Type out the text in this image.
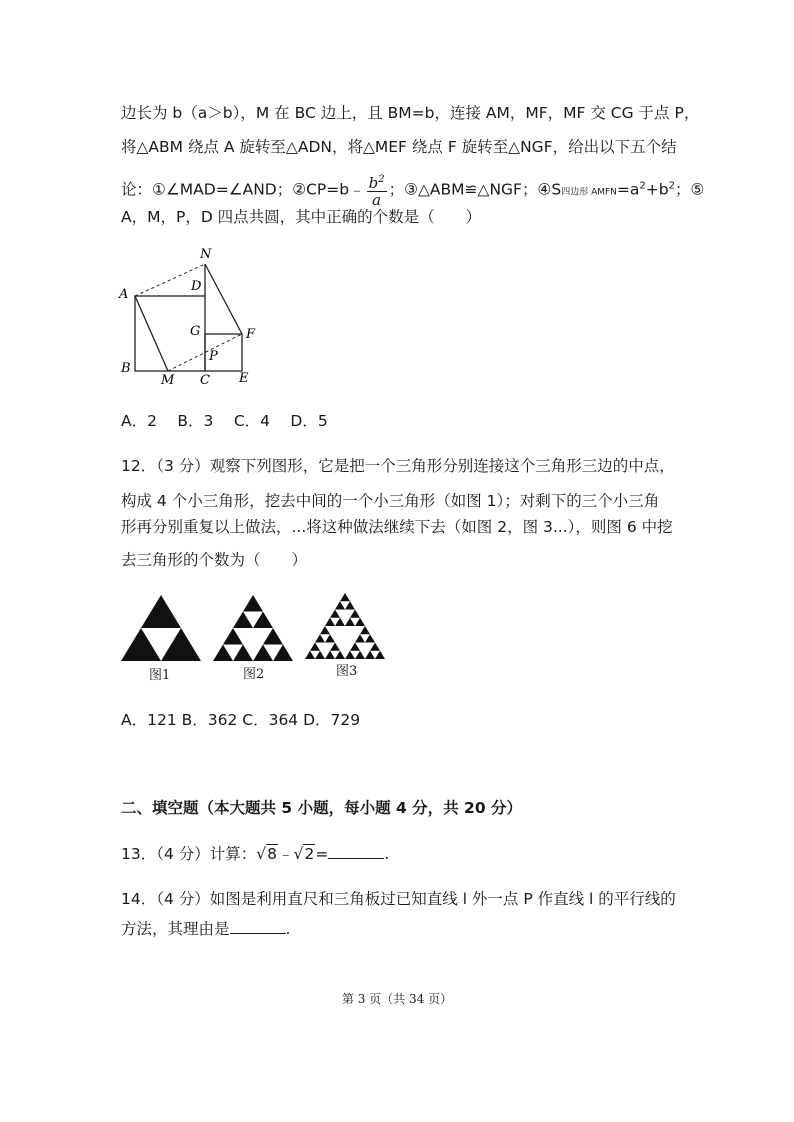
边长为 b（a＞b），M 在 BC 边上，且 BM=b，连接 AM，MF，MF 交 CG 于点 P，
将△ABM 绕点 A 旋转至△ADN，将△MEF 绕点 F 旋转至△NGF，给出以下五个结
论：①∠MAD=∠AND；②CP=b﹣ $\frac{b^2}{a}$ ；③△ABM≌△NGF；④S四边形 $AMFN=a^2+b^2$；⑤
A，M，P，D 四点共圆，其中正确的个数是（　　）
A
B
C
D
E
F
G
M
N
P
A．2　 B．3　 C．4　 D．5
12．（3 分）观察下列图形，它是把一个三角形分别连接这个三角形三边的中点，
构成 4 个小三角形，挖去中间的一个小三角形（如图 1）；对剩下的三个小三角
形再分别重复以上做法，...将这种做法继续下去（如图 2，图 3...），则图 6 中挖
去三角形的个数为（　　）
图1	图2	图3
A．121 B．362 C．364 D．729
二、填空题（本大题共 5 小题，每小题 4 分，共 20 分）
13．（4 分）计算：√8﹣√2=	.
14．（4 分）如图是利用直尺和三角板过已知直线 l 外一点 P 作直线 l 的平行线的
方法，其理由是	.
第 3 页（共 34 页）
